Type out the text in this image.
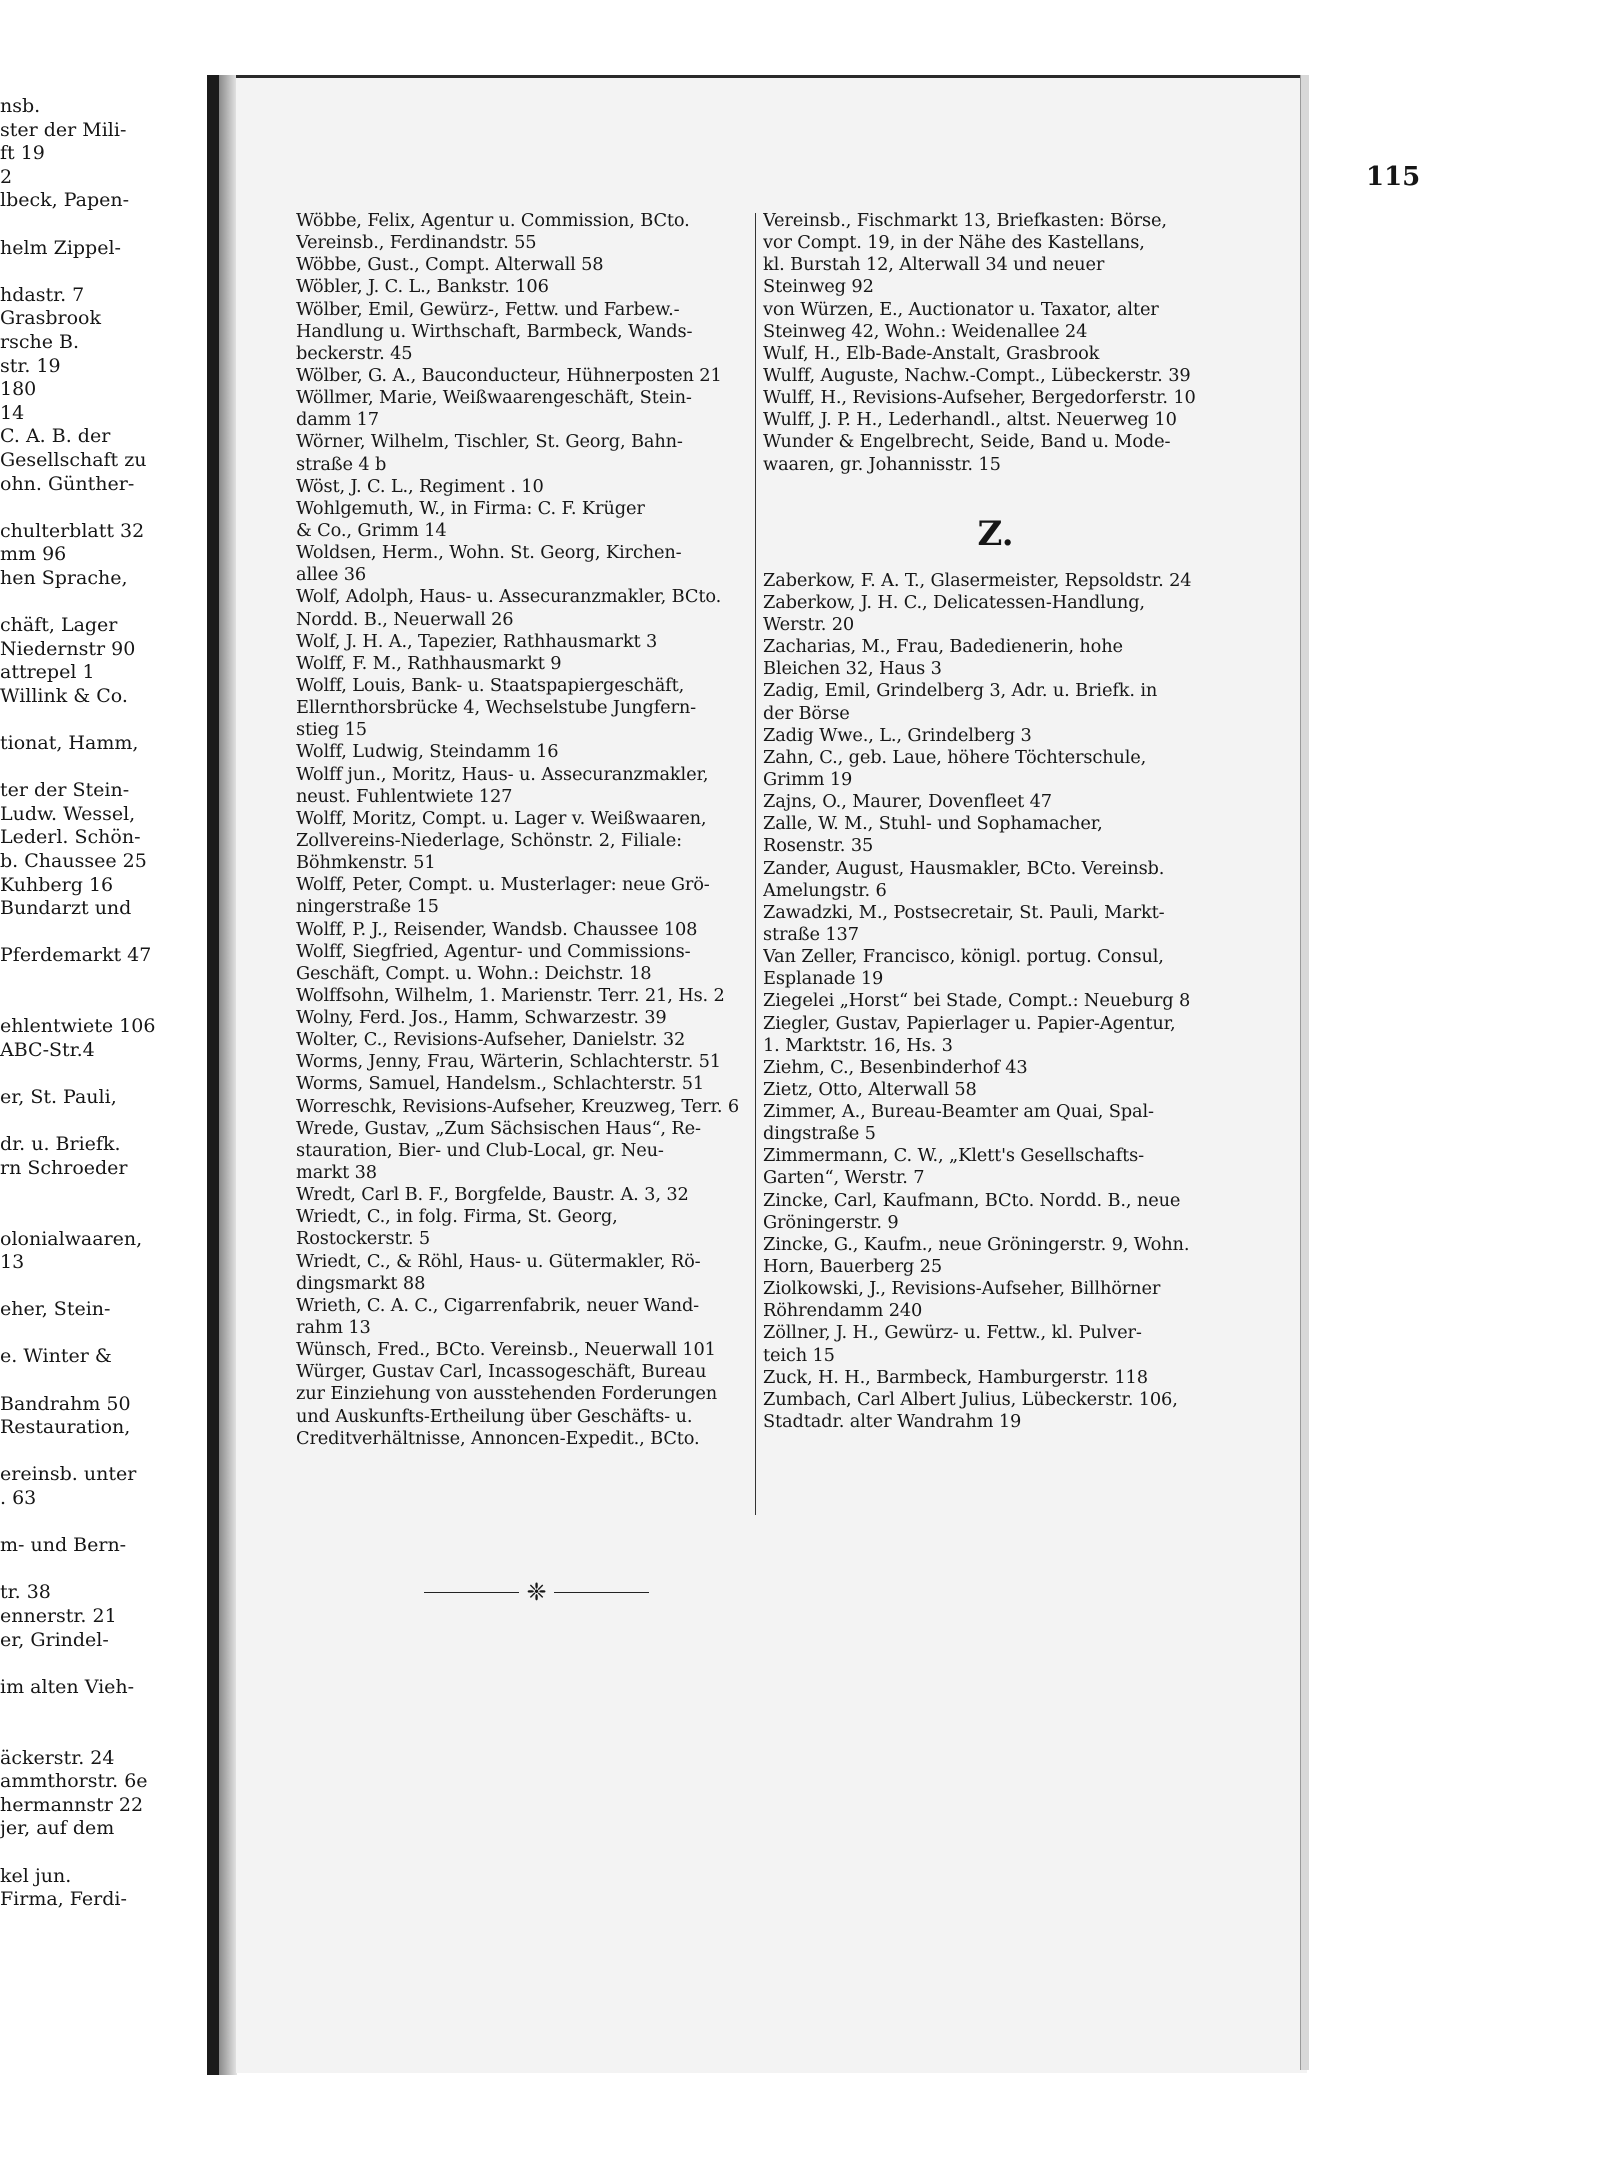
nsb.
ster der Mili-
ft 19
2
lbeck, Papen-
helm Zippel-
hdastr. 7
Grasbrook
rsche B.
str. 19
180
14
C. A. B. der
Gesellschaft zu
ohn. Günther-
chulterblatt 32
mm 96
hen Sprache,
chäft, Lager
Niedernstr 90
attrepel 1
Willink & Co.
tionat, Hamm,
ter der Stein-
Ludw. Wessel,
Lederl. Schön-
b. Chaussee 25
Kuhberg 16
Bundarzt und
Pferdemarkt 47
ehlentwiete 106
ABC-Str.4
er, St. Pauli,
dr. u. Briefk.
rn Schroeder
olonialwaaren,
13
eher, Stein-
e. Winter &
Bandrahm 50
Restauration,
ereinsb. unter
. 63
m- und Bern-
tr. 38
ennerstr. 21
er, Grindel-
im alten Vieh-
äckerstr. 24
ammthorstr. 6e
hermannstr 22
jer, auf dem
kel jun.
Firma, Ferdi-
115
Wöbbe, Felix, Agentur u. Commission, BCto.
Vereinsb., Ferdinandstr. 55
Wöbbe, Gust., Compt. Alterwall 58
Wöbler, J. C. L., Bankstr. 106
Wölber, Emil, Gewürz-, Fettw. und Farbew.-
Handlung u. Wirthschaft, Barmbeck, Wands-
beckerstr. 45
Wölber, G. A., Bauconducteur, Hühnerposten 21
Wöllmer, Marie, Weißwaarengeschäft, Stein-
damm 17
Wörner, Wilhelm, Tischler, St. Georg, Bahn-
straße 4 b
Wöst, J. C. L., Regiment . 10
Wohlgemuth, W., in Firma: C. F. Krüger
& Co., Grimm 14
Woldsen, Herm., Wohn. St. Georg, Kirchen-
allee 36
Wolf, Adolph, Haus- u. Assecuranzmakler, BCto.
Nordd. B., Neuerwall 26
Wolf, J. H. A., Tapezier, Rathhausmarkt 3
Wolff, F. M., Rathhausmarkt 9
Wolff, Louis, Bank- u. Staatspapiergeschäft,
Ellernthorsbrücke 4, Wechselstube Jungfern-
stieg 15
Wolff, Ludwig, Steindamm 16
Wolff jun., Moritz, Haus- u. Assecuranzmakler,
neust. Fuhlentwiete 127
Wolff, Moritz, Compt. u. Lager v. Weißwaaren,
Zollvereins-Niederlage, Schönstr. 2, Filiale:
Böhmkenstr. 51
Wolff, Peter, Compt. u. Musterlager: neue Grö-
ningerstraße 15
Wolff, P. J., Reisender, Wandsb. Chaussee 108
Wolff, Siegfried, Agentur- und Commissions-
Geschäft, Compt. u. Wohn.: Deichstr. 18
Wolffsohn, Wilhelm, 1. Marienstr. Terr. 21, Hs. 2
Wolny, Ferd. Jos., Hamm, Schwarzestr. 39
Wolter, C., Revisions-Aufseher, Danielstr. 32
Worms, Jenny, Frau, Wärterin, Schlachterstr. 51
Worms, Samuel, Handelsm., Schlachterstr. 51
Worreschk, Revisions-Aufseher, Kreuzweg, Terr. 6
Wrede, Gustav, „Zum Sächsischen Haus“, Re-
stauration, Bier- und Club-Local, gr. Neu-
markt 38
Wredt, Carl B. F., Borgfelde, Baustr. A. 3, 32
Wriedt, C., in folg. Firma, St. Georg,
Rostockerstr. 5
Wriedt, C., & Röhl, Haus- u. Gütermakler, Rö-
dingsmarkt 88
Wrieth, C. A. C., Cigarrenfabrik, neuer Wand-
rahm 13
Wünsch, Fred., BCto. Vereinsb., Neuerwall 101
Würger, Gustav Carl, Incassogeschäft, Bureau
zur Einziehung von ausstehenden Forderungen
und Auskunfts-Ertheilung über Geschäfts- u.
Creditverhältnisse, Annoncen-Expedit., BCto.
Vereinsb., Fischmarkt 13, Briefkasten: Börse,
vor Compt. 19, in der Nähe des Kastellans,
kl. Burstah 12, Alterwall 34 und neuer
Steinweg 92
von Würzen, E., Auctionator u. Taxator, alter
Steinweg 42, Wohn.: Weidenallee 24
Wulf, H., Elb-Bade-Anstalt, Grasbrook
Wulff, Auguste, Nachw.-Compt., Lübeckerstr. 39
Wulff, H., Revisions-Aufseher, Bergedorferstr. 10
Wulff, J. P. H., Lederhandl., altst. Neuerweg 10
Wunder & Engelbrecht, Seide, Band u. Mode-
waaren, gr. Johannisstr. 15
Z.
Zaberkow, F. A. T., Glasermeister, Repsoldstr. 24
Zaberkow, J. H. C., Delicatessen-Handlung,
Werstr. 20
Zacharias, M., Frau, Badedienerin, hohe
Bleichen 32, Haus 3
Zadig, Emil, Grindelberg 3, Adr. u. Briefk. in
der Börse
Zadig Wwe., L., Grindelberg 3
Zahn, C., geb. Laue, höhere Töchterschule,
Grimm 19
Zajns, O., Maurer, Dovenfleet 47
Zalle, W. M., Stuhl- und Sophamacher,
Rosenstr. 35
Zander, August, Hausmakler, BCto. Vereinsb.
Amelungstr. 6
Zawadzki, M., Postsecretair, St. Pauli, Markt-
straße 137
Van Zeller, Francisco, königl. portug. Consul,
Esplanade 19
Ziegelei „Horst“ bei Stade, Compt.: Neueburg 8
Ziegler, Gustav, Papierlager u. Papier-Agentur,
1. Marktstr. 16, Hs. 3
Ziehm, C., Besenbinderhof 43
Zietz, Otto, Alterwall 58
Zimmer, A., Bureau-Beamter am Quai, Spal-
dingstraße 5
Zimmermann, C. W., „Klett's Gesellschafts-
Garten“, Werstr. 7
Zincke, Carl, Kaufmann, BCto. Nordd. B., neue
Gröningerstr. 9
Zincke, G., Kaufm., neue Gröningerstr. 9, Wohn.
Horn, Bauerberg 25
Ziolkowski, J., Revisions-Aufseher, Billhörner
Röhrendamm 240
Zöllner, J. H., Gewürz- u. Fettw., kl. Pulver-
teich 15
Zuck, H. H., Barmbeck, Hamburgerstr. 118
Zumbach, Carl Albert Julius, Lübeckerstr. 106,
Stadtadr. alter Wandrahm 19
❈
